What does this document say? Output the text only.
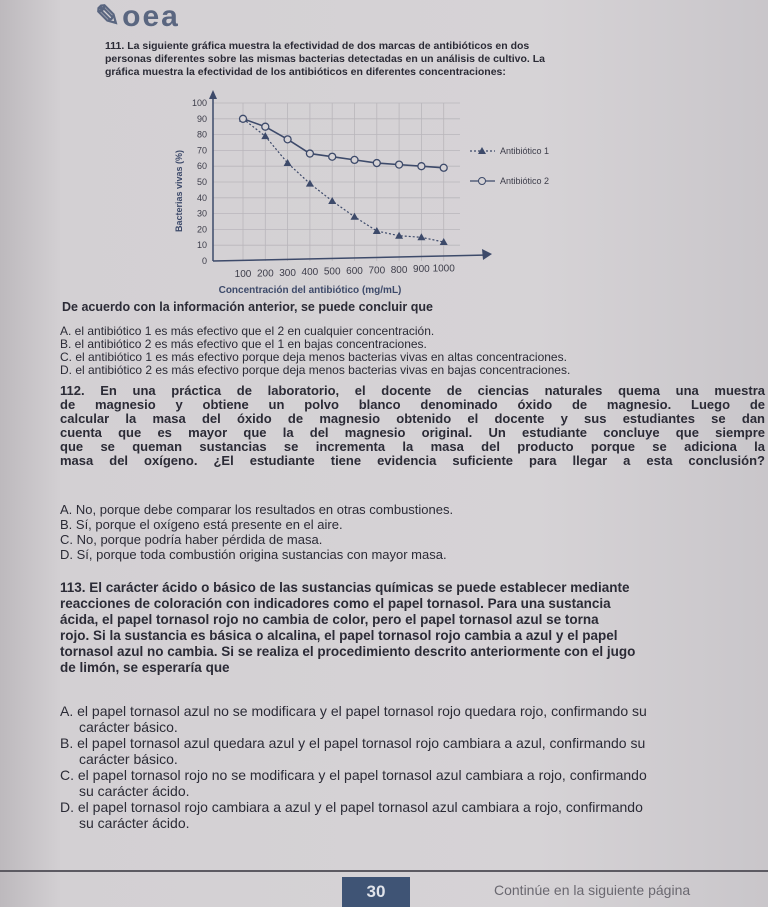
✎oea
111. La siguiente gráfica muestra la efectividad de dos marcas de antibióticos en dos
personas diferentes sobre las mismas bacterias detectadas en un análisis de cultivo. La
gráfica muestra la efectividad de los antibióticos en diferentes concentraciones:
0
10
20
30
40
50
60
70
80
90
100
100 200 300 400 500 600 700 800 900 1000
Bacterias vivas (%)
Concentración del antibiótico (mg/mL)
Antibiótico 1
Antibiótico 2
De acuerdo con la información anterior, se puede concluir que
A. el antibiótico 1 es más efectivo que el 2 en cualquier concentración.
B. el antibiótico 2 es más efectivo que el 1 en bajas concentraciones.
C. el antibiótico 1 es más efectivo porque deja menos bacterias vivas en altas concentraciones.
D. el antibiótico 2 es más efectivo porque deja menos bacterias vivas en bajas concentraciones.
112. En una práctica de laboratorio, el docente de ciencias naturales quema una muestra
de magnesio y obtiene un polvo blanco denominado óxido de magnesio. Luego de
calcular la masa del óxido de magnesio obtenido el docente y sus estudiantes se dan
cuenta que es mayor que la del magnesio original. Un estudiante concluye que siempre
que se queman sustancias se incrementa la masa del producto porque se adiciona la
masa del oxígeno. ¿El estudiante tiene evidencia suficiente para llegar a esta conclusión?
A. No, porque debe comparar los resultados en otras combustiones.
B. Sí, porque el oxígeno está presente en el aire.
C. No, porque podría haber pérdida de masa.
D. Sí, porque toda combustión origina sustancias con mayor masa.
113. El carácter ácido o básico de las sustancias químicas se puede establecer mediante
reacciones de coloración con indicadores como el papel tornasol. Para una sustancia
ácida, el papel tornasol rojo no cambia de color, pero el papel tornasol azul se torna
rojo. Si la sustancia es básica o alcalina, el papel tornasol rojo cambia a azul y el papel
tornasol azul no cambia. Si se realiza el procedimiento descrito anteriormente con el jugo
de limón, se esperaría que
A. el papel tornasol azul no se modificara y el papel tornasol rojo quedara rojo, confirmando su
carácter básico.
B. el papel tornasol azul quedara azul y el papel tornasol rojo cambiara a azul, confirmando su
carácter básico.
C. el papel tornasol rojo no se modificara y el papel tornasol azul cambiara a rojo, confirmando
su carácter ácido.
D. el papel tornasol rojo cambiara a azul y el papel tornasol azul cambiara a rojo, confirmando
su carácter ácido.
30	Continúe en la siguiente página
